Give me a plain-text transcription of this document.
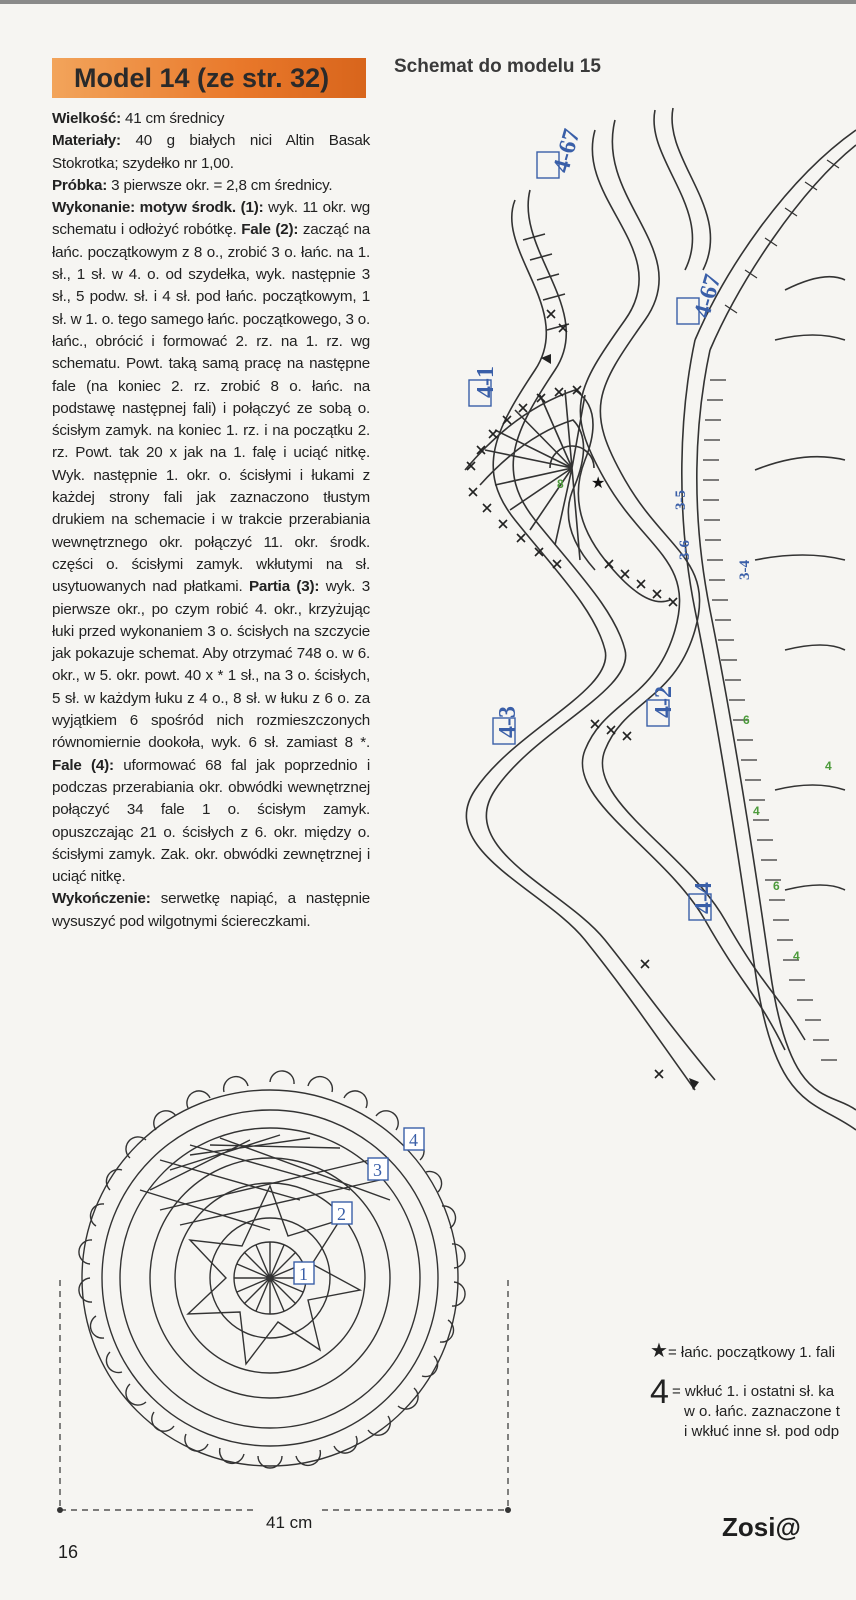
Model 14 (ze str. 32)	Schemat do modelu 15

Wielkość: 41 cm średnicy
Materiały: 40 g białych nici Altin Basak Stokrotka; szydełko nr 1,00.
Próbka: 3 pierwsze okr. = 2,8 cm średnicy.
Wykonanie: motyw środk. (1): wyk. 11 okr. wg schematu i odłożyć robótkę. Fale (2): zacząć na łańc. początkowym z 8 o., zrobić 3 o. łańc. na 1. sł., 1 sł. w 4. o. od szydełka, wyk. następnie 3 sł., 5 podw. sł. i 4 sł. pod łańc. początkowym, 1 sł. w 1. o. tego samego łańc. początkowego, 3 o. łańc., obrócić i formować 2. rz. na 1. rz. wg schematu. Powt. taką samą pracę na następne fale (na koniec 2. rz. zrobić 8 o. łańc. na podstawę następnej fali) i połączyć ze sobą o. ścisłym zamyk. na koniec 1. rz. i na początku 2. rz. Powt. tak 20 x jak na 1. falę i uciąć nitkę. Wyk. następnie 1. okr. o. ścisłymi i łukami z każdej strony fali jak zaznaczono tłustym drukiem na schemacie i w trakcie przerabiania wewnętrznego okr. połączyć 11. okr. środk. części o. ścisłymi zamyk. wkłutymi na sł. usytuowanych nad płatkami. Partia (3): wyk. 3 pierwsze okr., po czym robić 4. okr., krzyżując łuki przed wykonaniem 3 o. ścisłych na szczycie jak pokazuje schemat. Aby otrzymać 748 o. w 6. okr., w 5. okr. powt. 40 x * 1 sł., na 3 o. ścisłych, 5 sł. w każdym łuku z 4 o., 8 sł. w łuku z 6 o. za wyjątkiem 6 spośród nich rozmieszczonych równomiernie dookoła, wyk. 6 sł. zamiast 8 *. Fale (4): uformować 68 fal jak poprzednio i podczas przerabiania okr. obwódki wewnętrznej połączyć 34 fale 1 o. ścisłym zamyk. opuszczając 21 o. ścisłych z 6. okr. między o. ścisłymi zamyk. Zak. okr. obwódki zewnętrznej i uciąć nitkę.
Wykończenie: serwetkę napiąć, a następnie wysuszyć pod wilgotnymi ściereczkami.

4-67
4-67
4-1
4-2
4-3
4-4
3-6
3-5
3-4
8
6
6
4
4
4
★
1
2
3
4
41 cm
★= łańc. początkowy 1. fali
4 = wkłuć 1. i ostatni sł. ka
w o. łańc. zaznaczone t
i wkłuć inne sł. pod odp
16
Zosi@
